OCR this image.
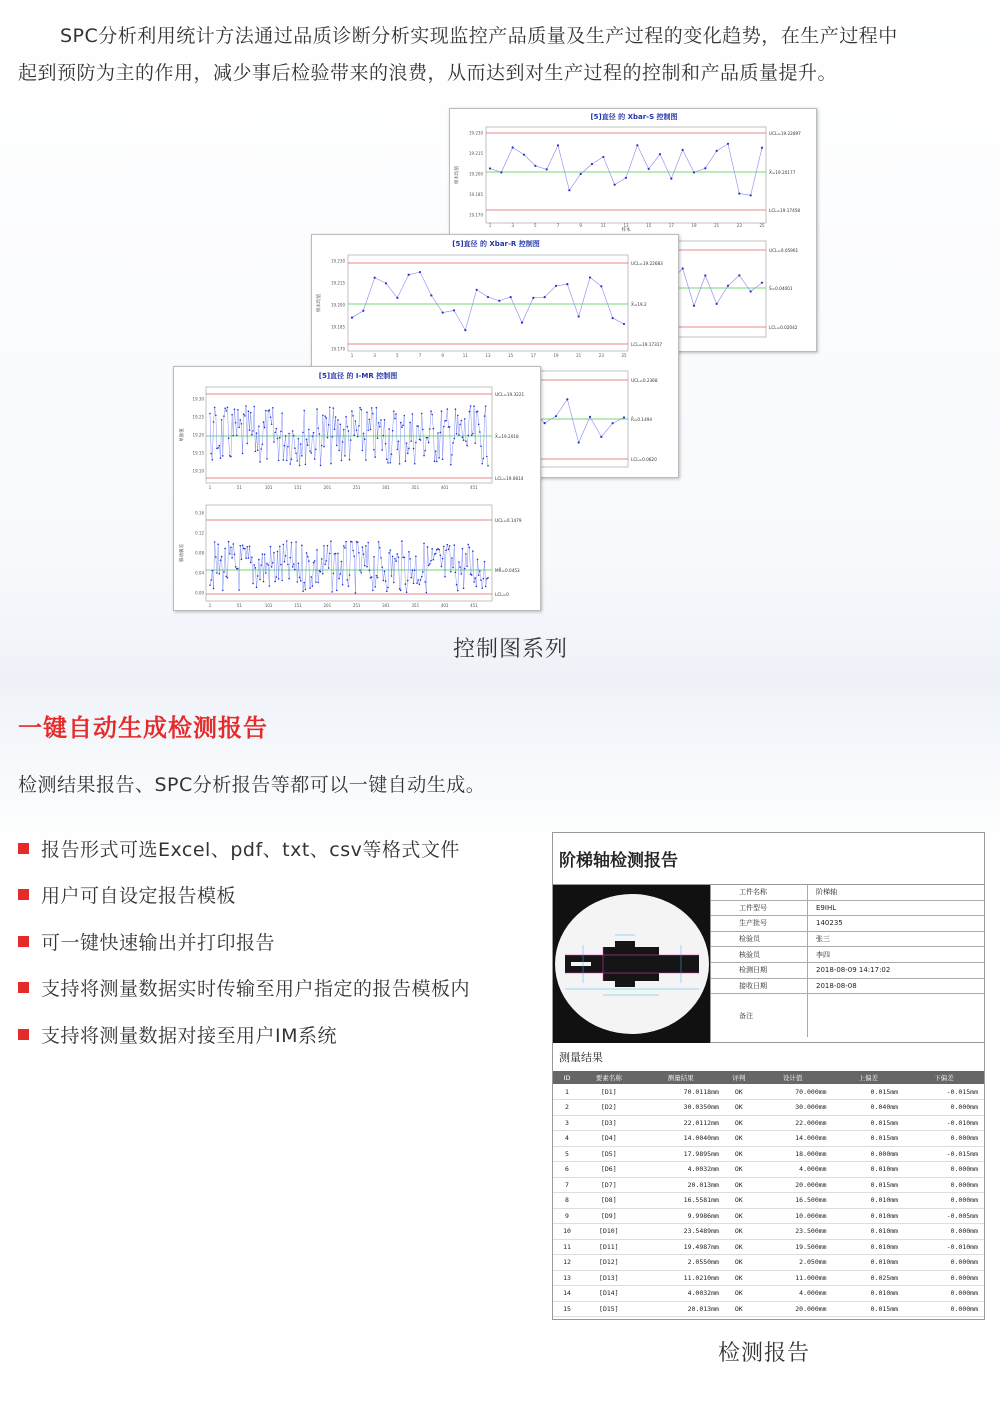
SPC分析利用统计方法通过品质诊断分析实现监控产品质量及生产过程的变化趋势，在生产过程中

起到预防为主的作用，减少事后检验带来的浪费，从而达到对生产过程的控制和产品质量提升。
[5]直径 的 Xbar-S 控制图
19.230
19.215
19.200
19.185
19.170
1	3	5	7	9	11	13	15	17	19	21	23	25
样本均值
样本
UCL=19.22897
X̄=19.20177
LCL=19.17458
UCL=0.05961
S̄=0.04001
LCL=0.02042
[5]直径 的 Xbar-R 控制图
19.230
19.215
19.200
19.185
19.170
1	3	5	7	9	11	13	15	17	19	21	23	25
样本均值
UCL=19.22683
X̄=19.2
LCL=19.17317
UCL=0.2368
R̄=0.1494
LCL=0.0620
[5]直径 的 I-MR 控制图
19.30
19.25
19.20
19.15
19.10
1	51	101	151	201	251	301	351	401	451
单独值
UCL=19.3221
X̄=19.2018
LCL=19.0814
UCL=0.1479
MR̄=0.0453
LCL=0
0.16
0.12
0.08
0.04
0.00
1	51	101	151	201	251	301	351	401	451
移动极差
控制图系列
一键自动生成检测报告
检测结果报告、SPC分析报告等都可以一键自动生成。
报告形式可选Excel、pdf、txt、csv等格式文件
用户可自设定报告模板
可一键快速输出并打印报告
支持将测量数据实时传输至用户指定的报告模板内
支持将测量数据对接至用户IM系统
阶梯轴检测报告
工件名称	阶梯轴
工件型号	E9IHL
生产批号	140235
检验员	张三
核验员	李四
检测日期	2018-08-09 14:17:02
接收日期	2018-08-08
备注
测量结果
ID	要素名称	测量结果	评判	设计值	上偏差	下偏差
1	[D1]	70.0118mm	OK	70.000mm	0.015mm	-0.015mm
2	[D2]	30.0350mm	OK	30.000mm	0.040mm	0.000mm
3	[D3]	22.0112mm	OK	22.000mm	0.015mm	-0.010mm
4	[D4]	14.0040mm	OK	14.000mm	0.015mm	0.000mm
5	[D5]	17.9895mm	OK	18.000mm	0.000mm	-0.015mm
6	[D6]	4.0032mm	OK	4.000mm	0.010mm	0.000mm
7	[D7]	20.013mm	OK	20.000mm	0.015mm	0.000mm
8	[D8]	16.5581mm	OK	16.500mm	0.010mm	0.000mm
9	[D9]	9.9986mm	OK	10.000mm	0.010mm	-0.005mm
10	[D10]	23.5489mm	OK	23.500mm	0.010mm	0.000mm
11	[D11]	19.4987mm	OK	19.500mm	0.010mm	-0.010mm
12	[D12]	2.0550mm	OK	2.050mm	0.010mm	0.000mm
13	[D13]	11.0210mm	OK	11.000mm	0.025mm	0.000mm
14	[D14]	4.0032mm	OK	4.000mm	0.010mm	0.000mm
15	[D15]	20.013mm	OK	20.000mm	0.015mm	0.000mm
检测报告
